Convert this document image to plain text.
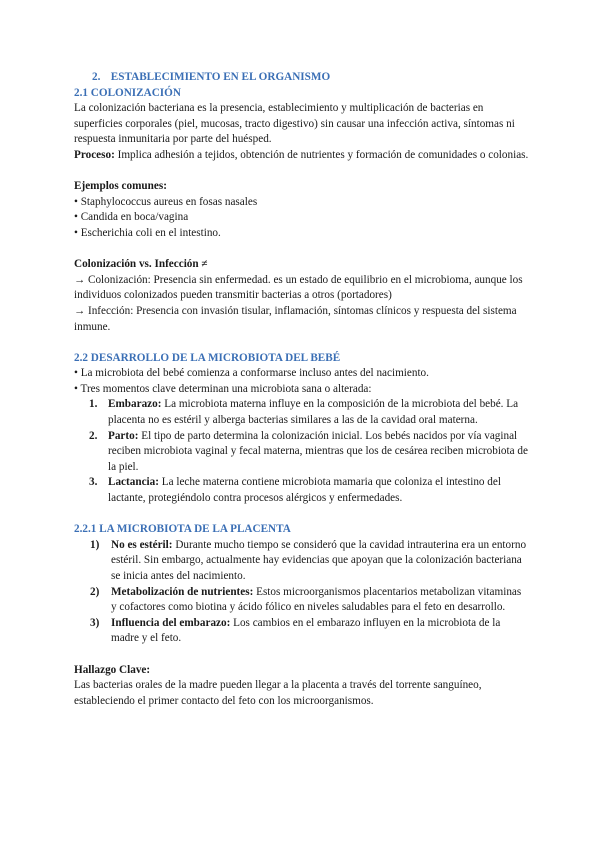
2. ESTABLECIMIENTO EN EL ORGANISMO

2.1 COLONIZACIÓN

La colonización bacteriana es la presencia, establecimiento y multiplicación de bacterias en superficies corporales (piel, mucosas, tracto digestivo) sin causar una infección activa, síntomas ni respuesta inmunitaria por parte del huésped.

Proceso: Implica adhesión a tejidos, obtención de nutrientes y formación de comunidades o colonias.

Ejemplos comunes:

• Staphylococcus aureus en fosas nasales

• Candida en boca/vagina

• Escherichia coli en el intestino.

Colonización vs. Infección ≠

→ Colonización: Presencia sin enfermedad. es un estado de equilibrio en el microbioma, aunque los individuos colonizados pueden transmitir bacterias a otros (portadores)

→ Infección: Presencia con invasión tisular, inflamación, síntomas clínicos y respuesta del sistema inmune.

2.2 DESARROLLO DE LA MICROBIOTA DEL BEBÉ

• La microbiota del bebé comienza a conformarse incluso antes del nacimiento.

• Tres momentos clave determinan una microbiota sana o alterada:

1. Embarazo: La microbiota materna influye en la composición de la microbiota del bebé. La placenta no es estéril y alberga bacterias similares a las de la cavidad oral materna.
2. Parto: El tipo de parto determina la colonización inicial. Los bebés nacidos por vía vaginal reciben microbiota vaginal y fecal materna, mientras que los de cesárea reciben microbiota de la piel.
3. Lactancia: La leche materna contiene microbiota mamaria que coloniza el intestino del lactante, protegiéndolo contra procesos alérgicos y enfermedades.

2.2.1 LA MICROBIOTA DE LA PLACENTA

1) No es estéril: Durante mucho tiempo se consideró que la cavidad intrauterina era un entorno estéril. Sin embargo, actualmente hay evidencias que apoyan que la colonización bacteriana se inicia antes del nacimiento.
2) Metabolización de nutrientes: Estos microorganismos placentarios metabolizan vitaminas y cofactores como biotina y ácido fólico en niveles saludables para el feto en desarrollo.
3) Influencia del embarazo: Los cambios en el embarazo influyen en la microbiota de la madre y el feto.

Hallazgo Clave:

Las bacterias orales de la madre pueden llegar a la placenta a través del torrente sanguíneo, estableciendo el primer contacto del feto con los microorganismos.
